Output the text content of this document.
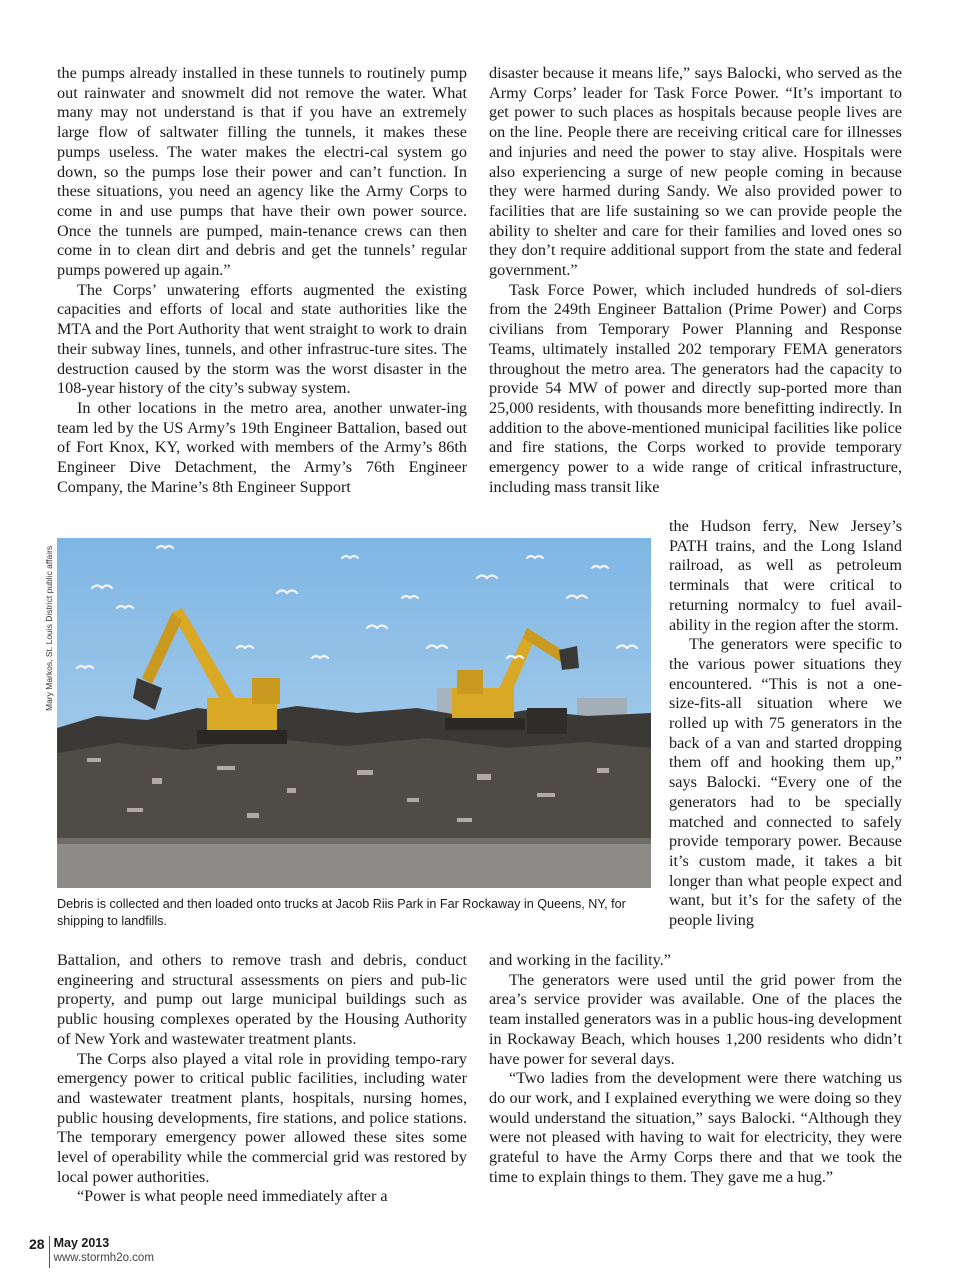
the pumps already installed in these tunnels to routinely pump out rainwater and snowmelt did not remove the water. What many may not understand is that if you have an extremely large flow of saltwater filling the tunnels, it makes these pumps useless. The water makes the electri-cal system go down, so the pumps lose their power and can’t function. In these situations, you need an agency like the Army Corps to come in and use pumps that have their own power source. Once the tunnels are pumped, main-tenance crews can then come in to clean dirt and debris and get the tunnels’ regular pumps powered up again.”

The Corps’ unwatering efforts augmented the existing capacities and efforts of local and state authorities like the MTA and the Port Authority that went straight to work to drain their subway lines, tunnels, and other infrastruc-ture sites. The destruction caused by the storm was the worst disaster in the 108-year history of the city’s subway system.

In other locations in the metro area, another unwater-ing team led by the US Army’s 19th Engineer Battalion, based out of Fort Knox, KY, worked with members of the Army’s 86th Engineer Dive Detachment, the Army’s 76th Engineer Company, the Marine’s 8th Engineer Support

Mary Markos, St. Louis District public affairs
Debris is collected and then loaded onto trucks at Jacob Riis Park in Far Rockaway in Queens, NY, for shipping to landfills.

Battalion, and others to remove trash and debris, conduct engineering and structural assessments on piers and pub-lic property, and pump out large municipal buildings such as public housing complexes operated by the Housing Authority of New York and wastewater treatment plants.

The Corps also played a vital role in providing tempo-rary emergency power to critical public facilities, including water and wastewater treatment plants, hospitals, nursing homes, public housing developments, fire stations, and police stations. The temporary emergency power allowed these sites some level of operability while the commercial grid was restored by local power authorities.

“Power is what people need immediately after a

disaster because it means life,” says Balocki, who served as the Army Corps’ leader for Task Force Power. “It’s important to get power to such places as hospitals because people lives are on the line. People there are receiving critical care for illnesses and injuries and need the power to stay alive. Hospitals were also experiencing a surge of new people coming in because they were harmed during Sandy. We also provided power to facilities that are life sustaining so we can provide people the ability to shelter and care for their families and loved ones so they don’t require additional support from the state and federal government.”

Task Force Power, which included hundreds of sol-diers from the 249th Engineer Battalion (Prime Power) and Corps civilians from Temporary Power Planning and Response Teams, ultimately installed 202 temporary FEMA generators throughout the metro area. The generators had the capacity to provide 54 MW of power and directly sup-ported more than 25,000 residents, with thousands more benefitting indirectly. In addition to the above-mentioned municipal facilities like police and fire stations, the Corps worked to provide temporary emergency power to a wide range of critical infrastructure, including mass transit like

the Hudson ferry, New Jersey’s PATH trains, and the Long Island railroad, as well as petroleum terminals that were critical to returning normalcy to fuel avail-ability in the region after the storm.

The generators were specific to the various power situations they encountered. “This is not a one-size-fits-all situation where we rolled up with 75 generators in the back of a van and started dropping them off and hooking them up,” says Balocki. “Every one of the generators had to be specially matched and connected to safely provide temporary power. Because it’s custom made, it takes a bit longer than what people expect and want, but it’s for the safety of the people living

and working in the facility.”

The generators were used until the grid power from the area’s service provider was available. One of the places the team installed generators was in a public hous-ing development in Rockaway Beach, which houses 1,200 residents who didn’t have power for several days.

“Two ladies from the development were there watching us do our work, and I explained everything we were doing so they would understand the situation,” says Balocki. “Although they were not pleased with having to wait for electricity, they were grateful to have the Army Corps there and that we took the time to explain things to them. They gave me a hug.”

28 May 2013
www.stormh2o.com
